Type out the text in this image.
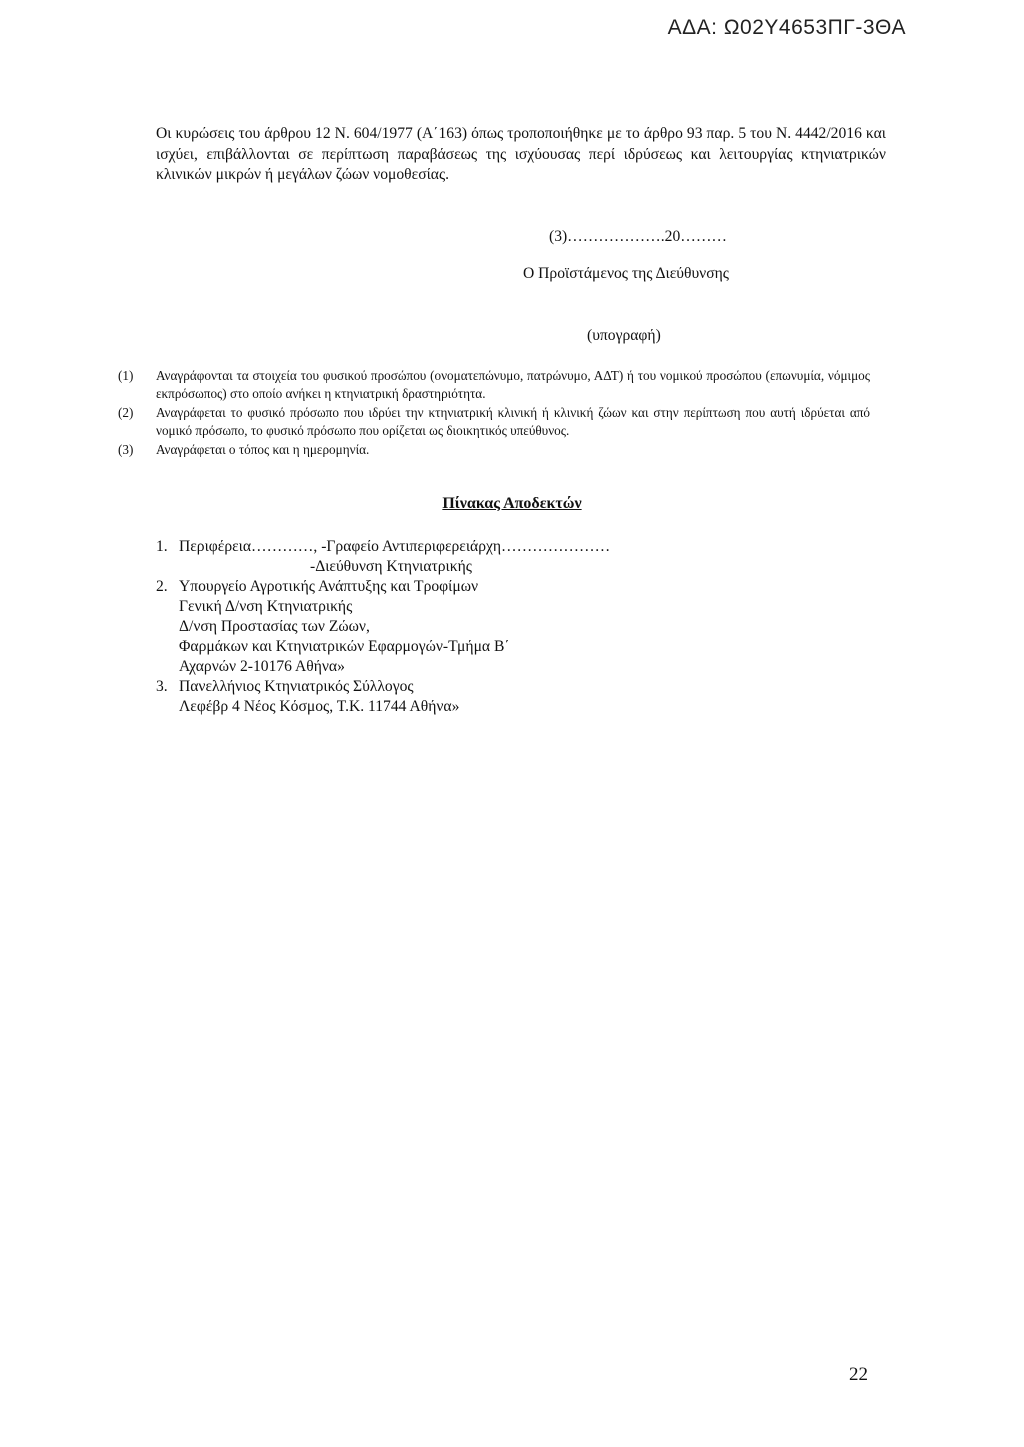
ΑΔΑ: Ω02Υ4653ΠΓ-3ΘΑ
Οι κυρώσεις του άρθρου 12 Ν. 604/1977 (Α΄163) όπως τροποποιήθηκε με το άρθρο 93 παρ. 5 του Ν. 4442/2016 και ισχύει, επιβάλλονται σε περίπτωση παραβάσεως της ισχύουσας περί ιδρύσεως και λειτουργίας κτηνιατρικών κλινικών μικρών ή μεγάλων ζώων νομοθεσίας.
(3)……………….20………
Ο Προϊστάμενος της Διεύθυνσης
(υπογραφή)
(1)	Αναγράφονται τα στοιχεία του φυσικού προσώπου (ονοματεπώνυμο, πατρώνυμο, ΑΔΤ) ή του νομικού προσώπου (επωνυμία, νόμιμος εκπρόσωπος) στο οποίο ανήκει η κτηνιατρική δραστηριότητα.
(2)	Αναγράφεται το φυσικό πρόσωπο που ιδρύει την κτηνιατρική κλινική ή κλινική ζώων και στην περίπτωση που αυτή ιδρύεται από νομικό πρόσωπο, το φυσικό πρόσωπο που ορίζεται ως διοικητικός υπεύθυνος.
(3)	Αναγράφεται ο τόπος και η ημερομηνία.
Πίνακας Αποδεκτών
1. Περιφέρεια…………, -Γραφείο Αντιπεριφερειάρχη…………………
-Διεύθυνση Κτηνιατρικής
2. Υπουργείο Αγροτικής Ανάπτυξης και Τροφίμων
Γενική Δ/νση Κτηνιατρικής
Δ/νση Προστασίας των Ζώων,
Φαρμάκων και Κτηνιατρικών Εφαρμογών-Τμήμα Β΄
Αχαρνών 2-10176 Αθήνα»
3. Πανελλήνιος Κτηνιατρικός Σύλλογος
Λεφέβρ 4 Νέος Κόσμος, Τ.Κ. 11744 Αθήνα»
22
